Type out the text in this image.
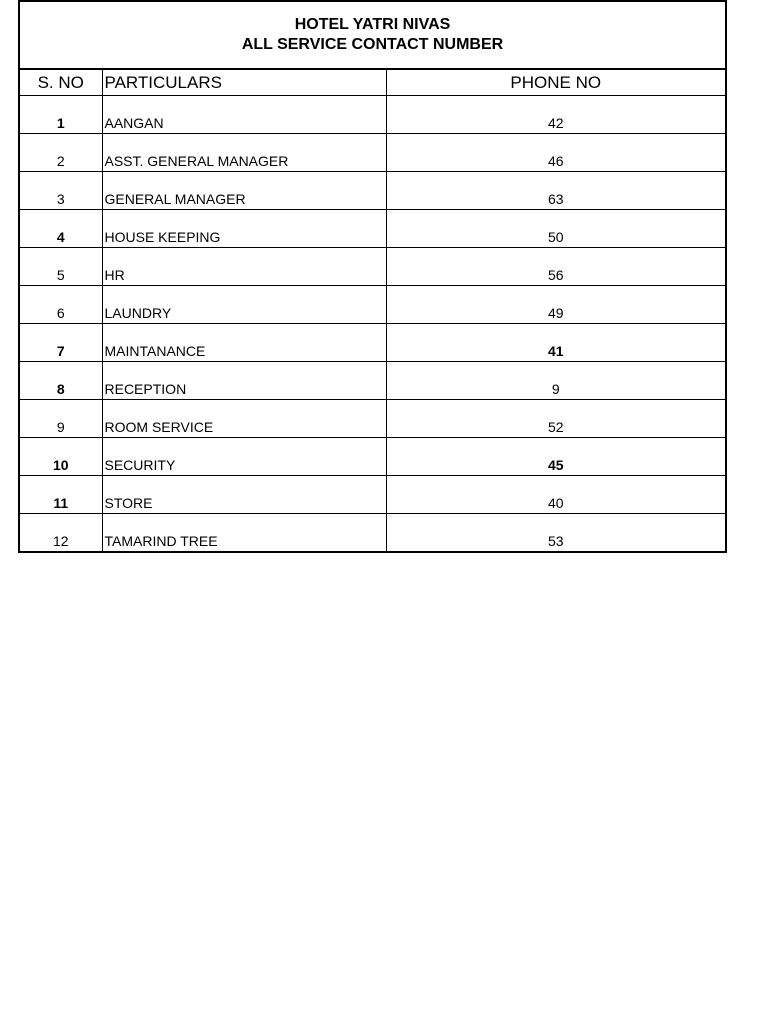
HOTEL YATRI NIVAS
ALL SERVICE CONTACT NUMBER		

S. NO	PARTICULARS	PHONE NO
1	AANGAN	42
2	ASST. GENERAL MANAGER	46
3	GENERAL MANAGER	63
4	HOUSE KEEPING	50
5	HR	56
6	LAUNDRY	49
7	MAINTANANCE	41
8	RECEPTION	9
9	ROOM SERVICE	52
10	SECURITY	45
11	STORE	40
12	TAMARIND TREE	53
